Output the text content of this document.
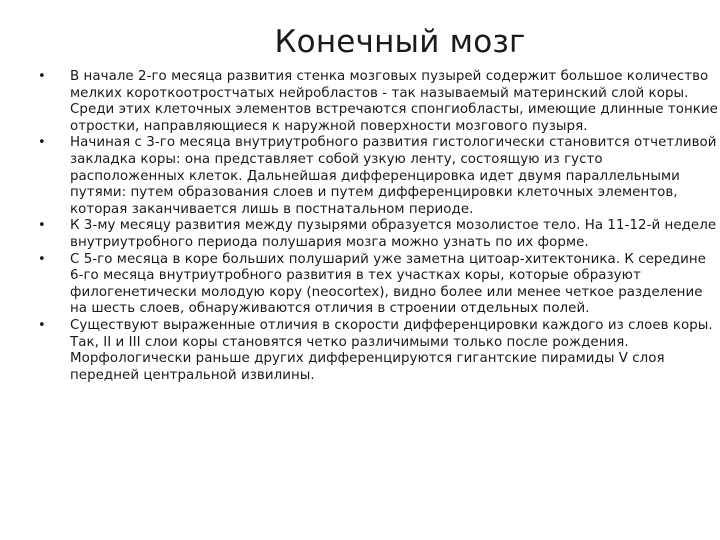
Конечный мозг
• В начале 2-го месяца развития стенка мозговых пузырей содержит большое количество мелких короткоотростчатых нейробластов - так называемый материнский слой коры. Среди этих клеточных элементов встречаются спонгиобласты, имеющие длинные тонкие отростки, направляющиеся к наружной поверхности мозгового пузыря.
• Начиная с 3-го месяца внутриутробного развития гистологически становится отчетливой закладка коры: она представляет собой узкую ленту, состоящую из густо расположенных клеток. Дальнейшая дифференцировка идет двумя параллельными путями: путем образования слоев и путем дифференцировки клеточных элементов, которая заканчивается лишь в постнатальном периоде.
• К 3-му месяцу развития между пузырями образуется мозолистое тело. На 11-12-й неделе внутриутробного периода полушария мозга можно узнать по их форме.
• С 5-го месяца в коре больших полушарий уже заметна цитоар-хитектоника. К середине 6-го месяца внутриутробного развития в тех участках коры, которые образуют филогенетически молодую кору (neocortex), видно более или менее четкое разделение на шесть слоев, обнаруживаются отличия в строении отдельных полей.
• Существуют выраженные отличия в скорости дифференцировки каждого из слоев коры. Так, II и III слои коры становятся четко различимыми только после рождения. Морфологически раньше других дифференцируются гигантские пирамиды V слоя передней центральной извилины.
